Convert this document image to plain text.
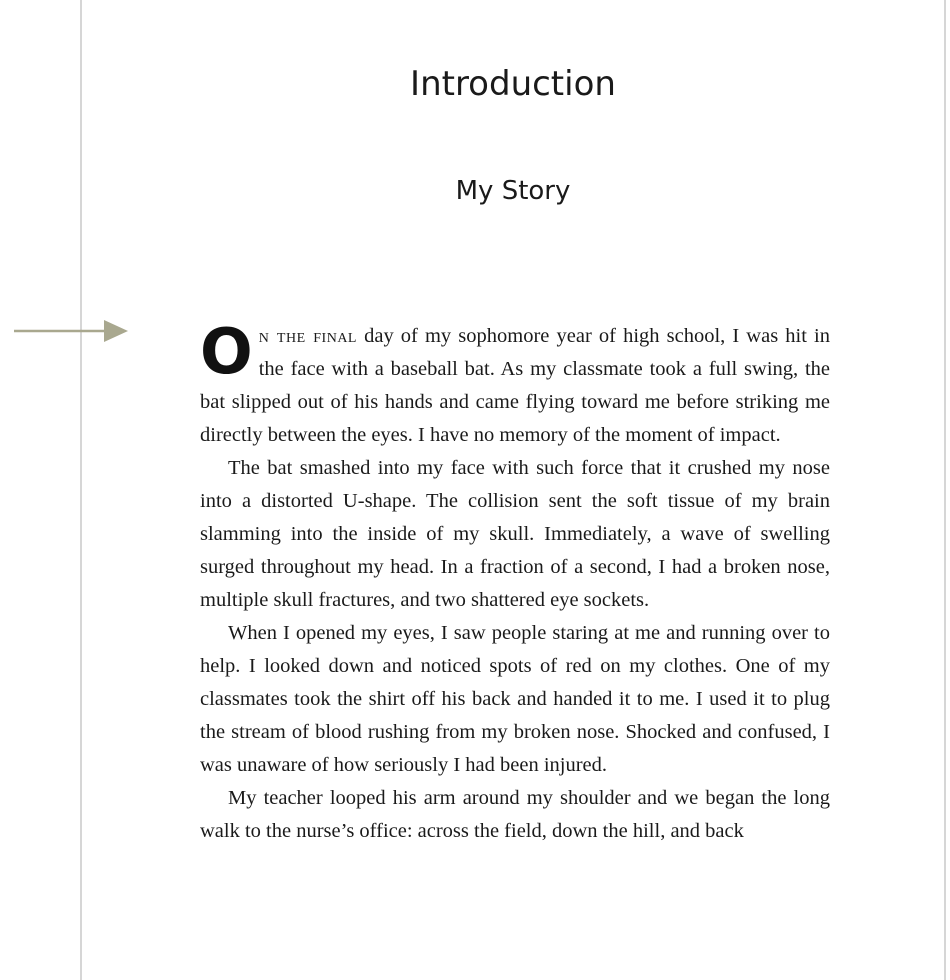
Introduction
My Story

On the final day of my sophomore year of high school, I was hit in the face with a baseball bat. As my classmate took a full swing, the bat slipped out of his hands and came flying toward me before striking me directly between the eyes. I have no memory of the moment of impact.

The bat smashed into my face with such force that it crushed my nose into a distorted U-shape. The collision sent the soft tissue of my brain slamming into the inside of my skull. Immediately, a wave of swelling surged throughout my head. In a fraction of a second, I had a broken nose, multiple skull fractures, and two shattered eye sockets.

When I opened my eyes, I saw people staring at me and running over to help. I looked down and noticed spots of red on my clothes. One of my classmates took the shirt off his back and handed it to me. I used it to plug the stream of blood rushing from my broken nose. Shocked and confused, I was unaware of how seriously I had been injured.

My teacher looped his arm around my shoulder and we began the long walk to the nurse’s office: across the field, down the hill, and back
